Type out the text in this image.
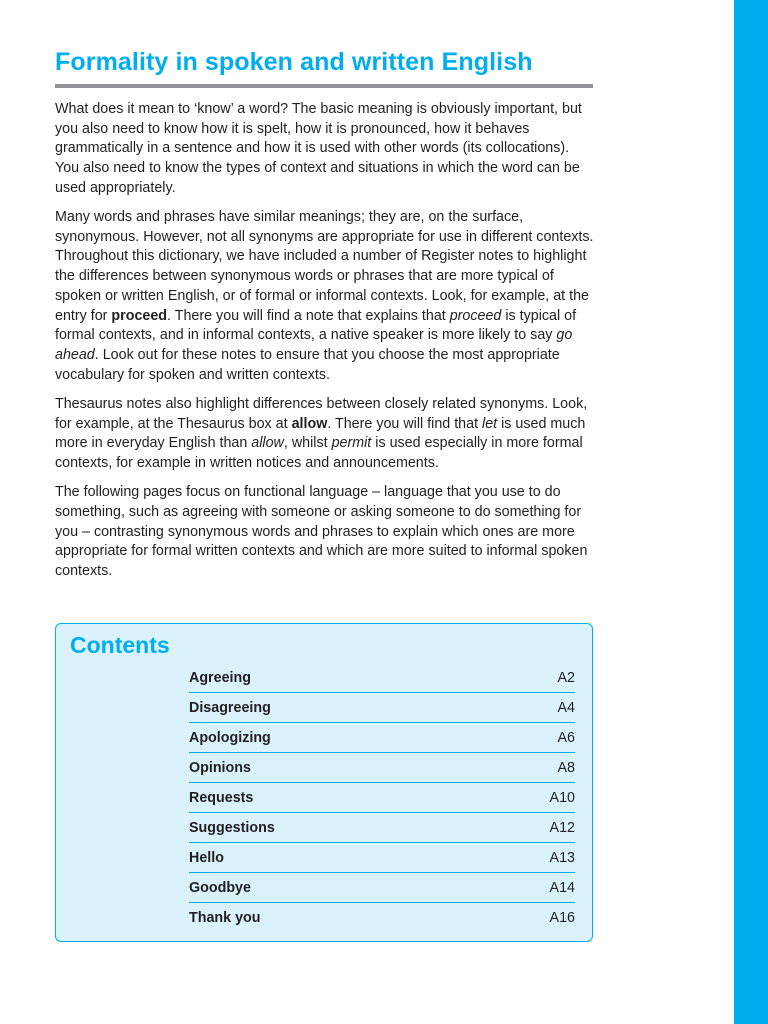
Formality in spoken and written English

What does it mean to ‘know’ a word? The basic meaning is obviously important, but you also need to know how it is spelt, how it is pronounced, how it behaves grammatically in a sentence and how it is used with other words (its collocations). You also need to know the types of context and situations in which the word can be used appropriately.

Many words and phrases have similar meanings; they are, on the surface, synonymous. However, not all synonyms are appropriate for use in different contexts. Throughout this dictionary, we have included a number of Register notes to highlight the differences between synonymous words or phrases that are more typical of spoken or written English, or of formal or informal contexts. Look, for example, at the entry for proceed. There you will find a note that explains that proceed is typical of formal contexts, and in informal contexts, a native speaker is more likely to say go ahead. Look out for these notes to ensure that you choose the most appropriate vocabulary for spoken and written contexts.

Thesaurus notes also highlight differences between closely related synonyms. Look, for example, at the Thesaurus box at allow. There you will find that let is used much more in everyday English than allow, whilst permit is used especially in more formal contexts, for example in written notices and announcements.

The following pages focus on functional language – language that you use to do something, such as agreeing with someone or asking someone to do something for you – contrasting synonymous words and phrases to explain which ones are more appropriate for formal written contexts and which are more suited to informal spoken contexts.

Contents
Agreeing	A2
Disagreeing	A4
Apologizing	A6
Opinions	A8
Requests	A10
Suggestions	A12
Hello	A13
Goodbye	A14
Thank you	A16
